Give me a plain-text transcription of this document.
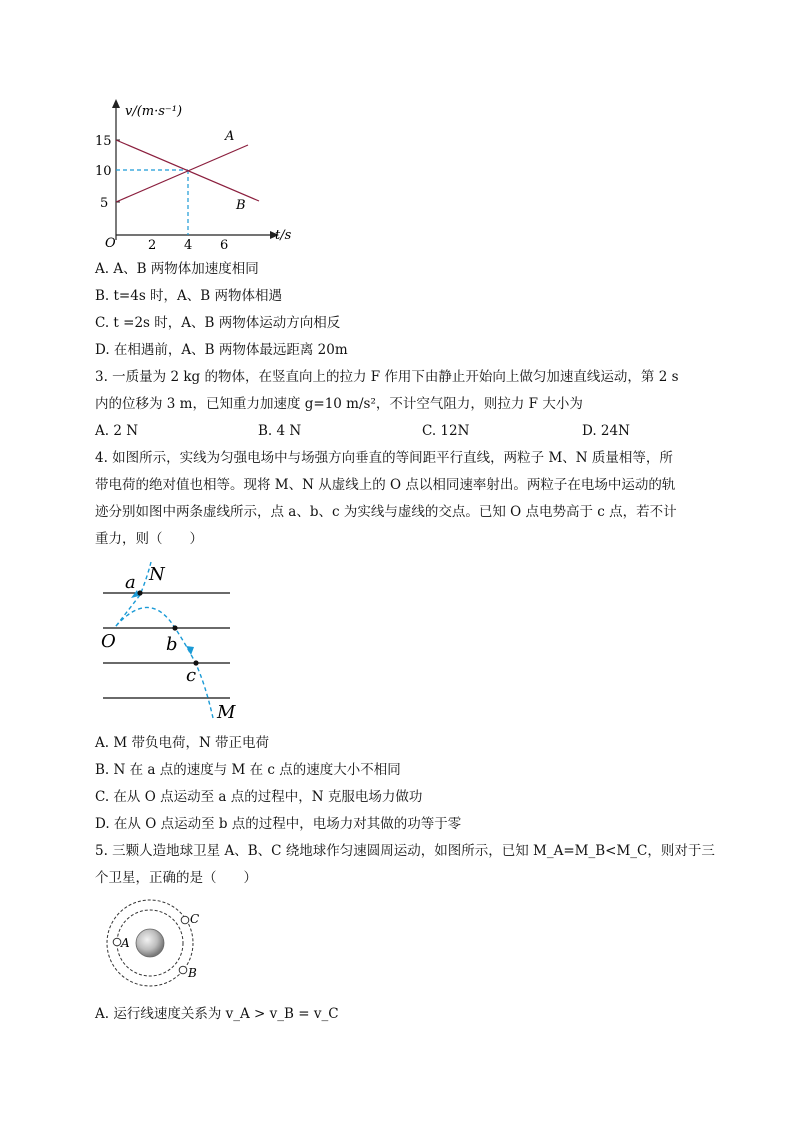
v/(m·s⁻¹)
t/s
O
15
10
5
2 4 6
A
B
A. A、B 两物体加速度相同
B. t=4s 时，A、B 两物体相遇
C. t =2s 时，A、B 两物体运动方向相反
D. 在相遇前，A、B 两物体最远距离 20m
3. 一质量为 2 kg 的物体，在竖直向上的拉力 F 作用下由静止开始向上做匀加速直线运动，第 2 s
内的位移为 3 m，已知重力加速度 g=10 m/s²，不计空气阻力，则拉力 F 大小为
A. 2 N	B. 4 N	C. 12N	D. 24N
4. 如图所示，实线为匀强电场中与场强方向垂直的等间距平行直线，两粒子 M、N 质量相等，所
带电荷的绝对值也相等。现将 M、N 从虚线上的 O 点以相同速率射出。两粒子在电场中运动的轨
迹分别如图中两条虚线所示，点 a、b、c 为实线与虚线的交点。已知 O 点电势高于 c 点，若不计
重力，则（　　）
N
a
O	b
c
M
A. M 带负电荷，N 带正电荷
B. N 在 a 点的速度与 M 在 c 点的速度大小不相同
C. 在从 O 点运动至 a 点的过程中，N 克服电场力做功
D. 在从 O 点运动至 b 点的过程中，电场力对其做的功等于零
5. 三颗人造地球卫星 A、B、C 绕地球作匀速圆周运动，如图所示，已知 M_A=M_B<M_C，则对于三
个卫星，正确的是（　　）
A
B
C
A. 运行线速度关系为 v_A > v_B = v_C
